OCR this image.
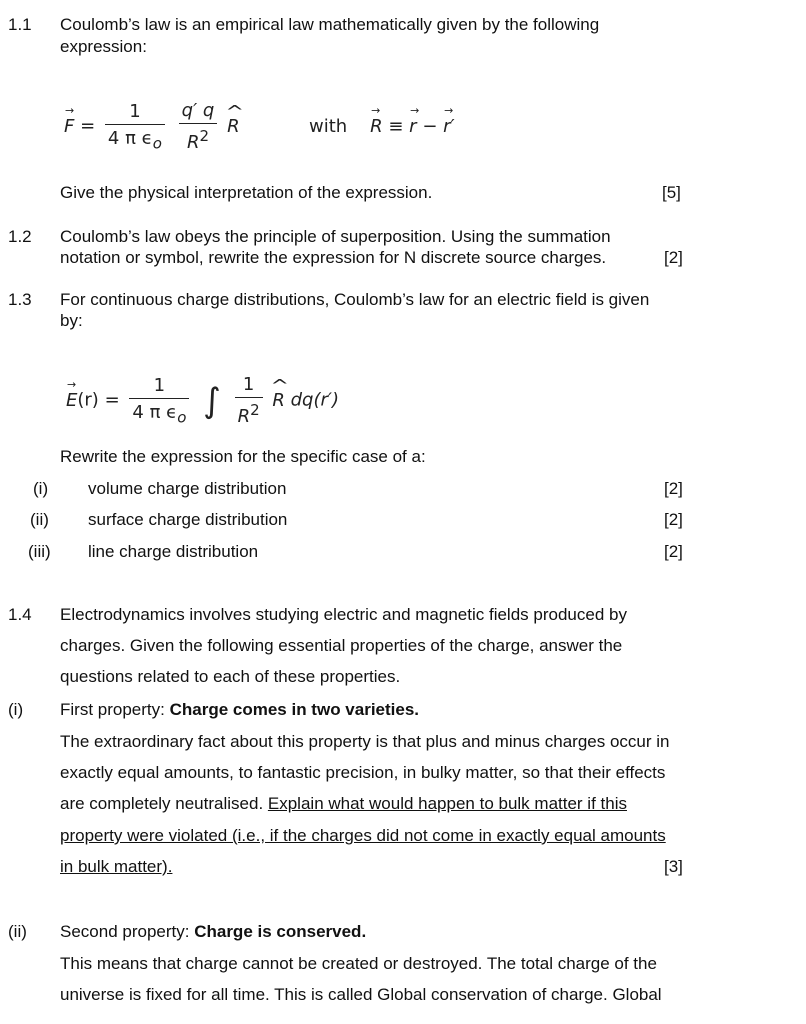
1.1 Coulomb’s law is an empirical law mathematically given by the following
expression:
→ $F = \frac{1}{4 \pi \epsilon_o}$
$\frac{q' q}{R^2}$ ^ R	with → R ≡ → r − → r′
Give the physical interpretation of the expression.	[5]
1.2 Coulomb’s law obeys the principle of superposition. Using the summation
notation or symbol, rewrite the expression for N discrete source charges.	[2]
1.3 For continuous charge distributions, Coulomb’s law for an electric field is given
by:
→ $E(r) = \frac{1}{4 \pi \epsilon_o}$ ∫ $\frac{1}{R^2}$ ^ R dq(r′)
Rewrite the expression for the specific case of a:
(i) volume charge distribution	[2]
(ii) surface charge distribution	[2]
(iii) line charge distribution	[2]
1.4 Electrodynamics involves studying electric and magnetic fields produced by
charges. Given the following essential properties of the charge, answer the
questions related to each of these properties.
(i) First property: Charge comes in two varieties.
The extraordinary fact about this property is that plus and minus charges occur in
exactly equal amounts, to fantastic precision, in bulky matter, so that their effects
are completely neutralised. Explain what would happen to bulk matter if this
property were violated (i.e., if the charges did not come in exactly equal amounts
in bulk matter).	[3]
(ii) Second property: Charge is conserved.
This means that charge cannot be created or destroyed. The total charge of the
universe is fixed for all time. This is called Global conservation of charge. Global
